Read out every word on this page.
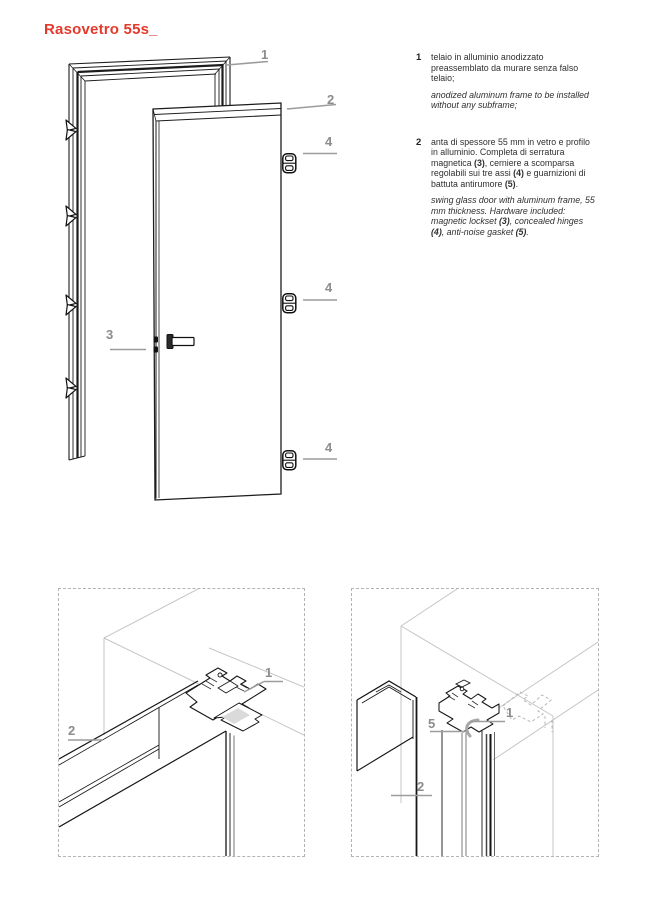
Rasovetro 55s_
1
2
4
4
4
3
1	telaio in alluminio anodizzato preassemblato da murare senza falso telaio;

anodized aluminum frame to be installed without any subframe;

2	anta di spessore 55 mm in vetro e profilo in alluminio. Completa di serratura magnetica (3), cerniere a scomparsa regolabili sui tre assi (4) e guarnizioni di battuta antirumore (5).

swing glass door with aluminum frame, 55 mm thickness. Hardware included: magnetic lockset (3), concealed hinges (4), anti-noise gasket (5).

1
2	5
1
2
